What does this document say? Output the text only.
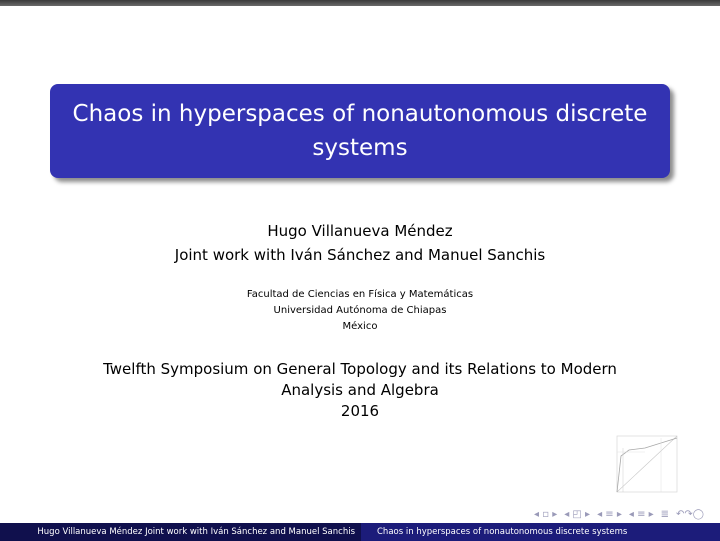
Chaos in hyperspaces of nonautonomous discrete systems
Hugo Villanueva Méndez
Joint work with Iván Sánchez and Manuel Sanchis
Facultad de Ciencias en Física y Matemáticas
Universidad Autónoma de Chiapas
México
Twelfth Symposium on General Topology and its Relations to Modern
Analysis and Algebra
2016
◂ ▫ ▸ ◂ ◰ ▸ ◂ ≡ ▸ ◂ ≡ ▸ ≣ ↶↷◯
Hugo Villanueva Méndez Joint work with Iván Sánchez and Manuel Sanchis	Chaos in hyperspaces of nonautonomous discrete systems
